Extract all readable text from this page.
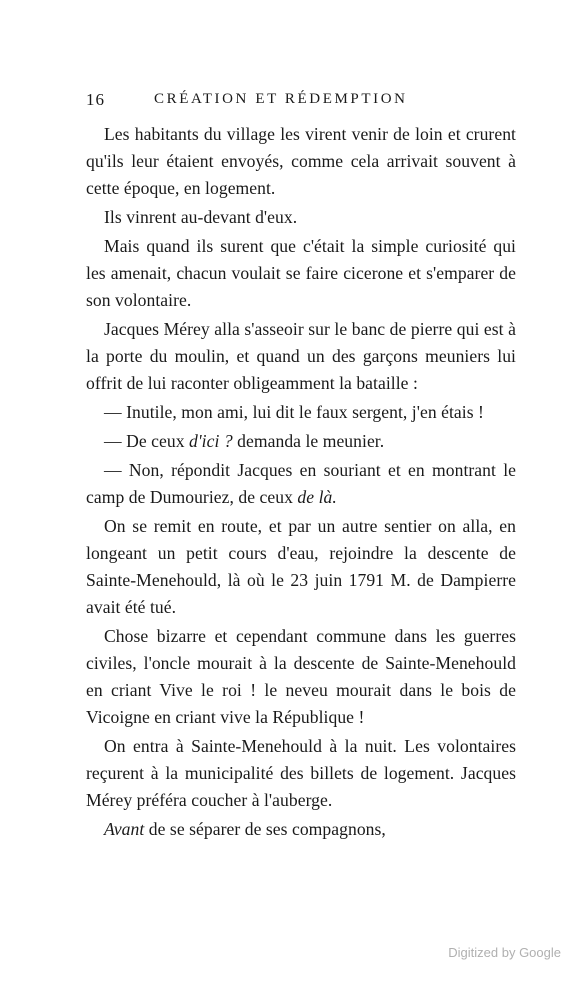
16	CRÉATION ET RÉDEMPTION

Les habitants du village les virent venir de loin et crurent qu'ils leur étaient envoyés, comme cela arrivait souvent à cette époque, en logement.

Ils vinrent au-devant d'eux.

Mais quand ils surent que c'était la simple curiosité qui les amenait, chacun voulait se faire cicerone et s'emparer de son volontaire.

Jacques Mérey alla s'asseoir sur le banc de pierre qui est à la porte du moulin, et quand un des garçons meuniers lui offrit de lui raconter obligeamment la bataille :

— Inutile, mon ami, lui dit le faux sergent, j'en étais !

— De ceux d'ici ? demanda le meunier.

— Non, répondit Jacques en souriant et en montrant le camp de Dumouriez, de ceux de là.

On se remit en route, et par un autre sentier on alla, en longeant un petit cours d'eau, rejoindre la descente de Sainte-Menehould, là où le 23 juin 1791 M. de Dampierre avait été tué.

Chose bizarre et cependant commune dans les guerres civiles, l'oncle mourait à la descente de Sainte-Menehould en criant Vive le roi ! le neveu mourait dans le bois de Vicoigne en criant vive la République !

On entra à Sainte-Menehould à la nuit. Les volontaires reçurent à la municipalité des billets de logement. Jacques Mérey préféra coucher à l'auberge.

Avant de se séparer de ses compagnons,

Digitized by Google
